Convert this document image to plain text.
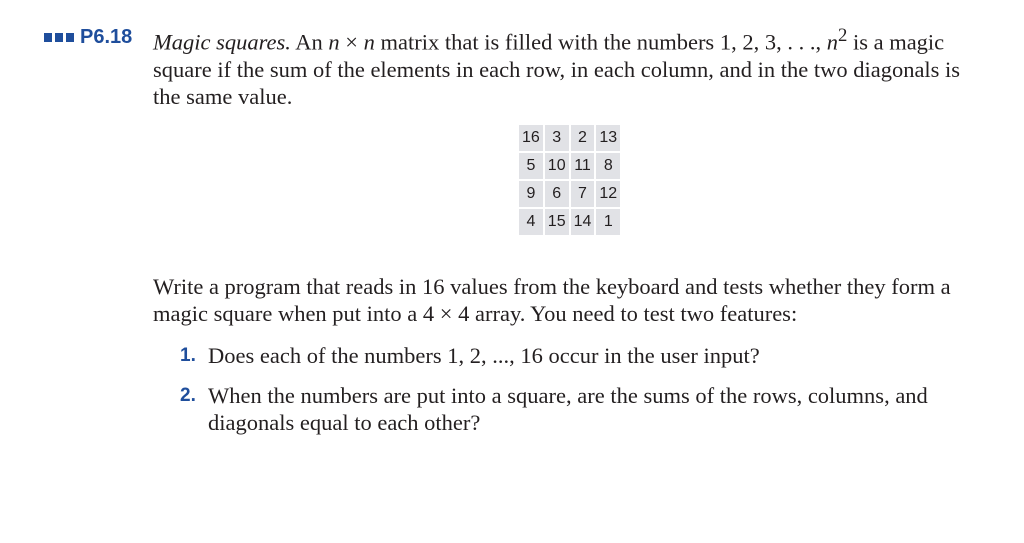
P6.18 Magic squares. An n × n matrix that is filled with the numbers 1, 2, 3, . . ., $n^2$ is a magic square if the sum of the elements in each row, in each column, and in the two diagonals is the same value.
16	3	2	13
5	10	11	8
9	6	7	12
4	15	14	1
Write a program that reads in 16 values from the keyboard and tests whether they form a magic square when put into a 4 × 4 array. You need to test two features:
1. Does each of the numbers 1, 2, ..., 16 occur in the user input?
2. When the numbers are put into a square, are the sums of the rows, columns, and diagonals equal to each other?
